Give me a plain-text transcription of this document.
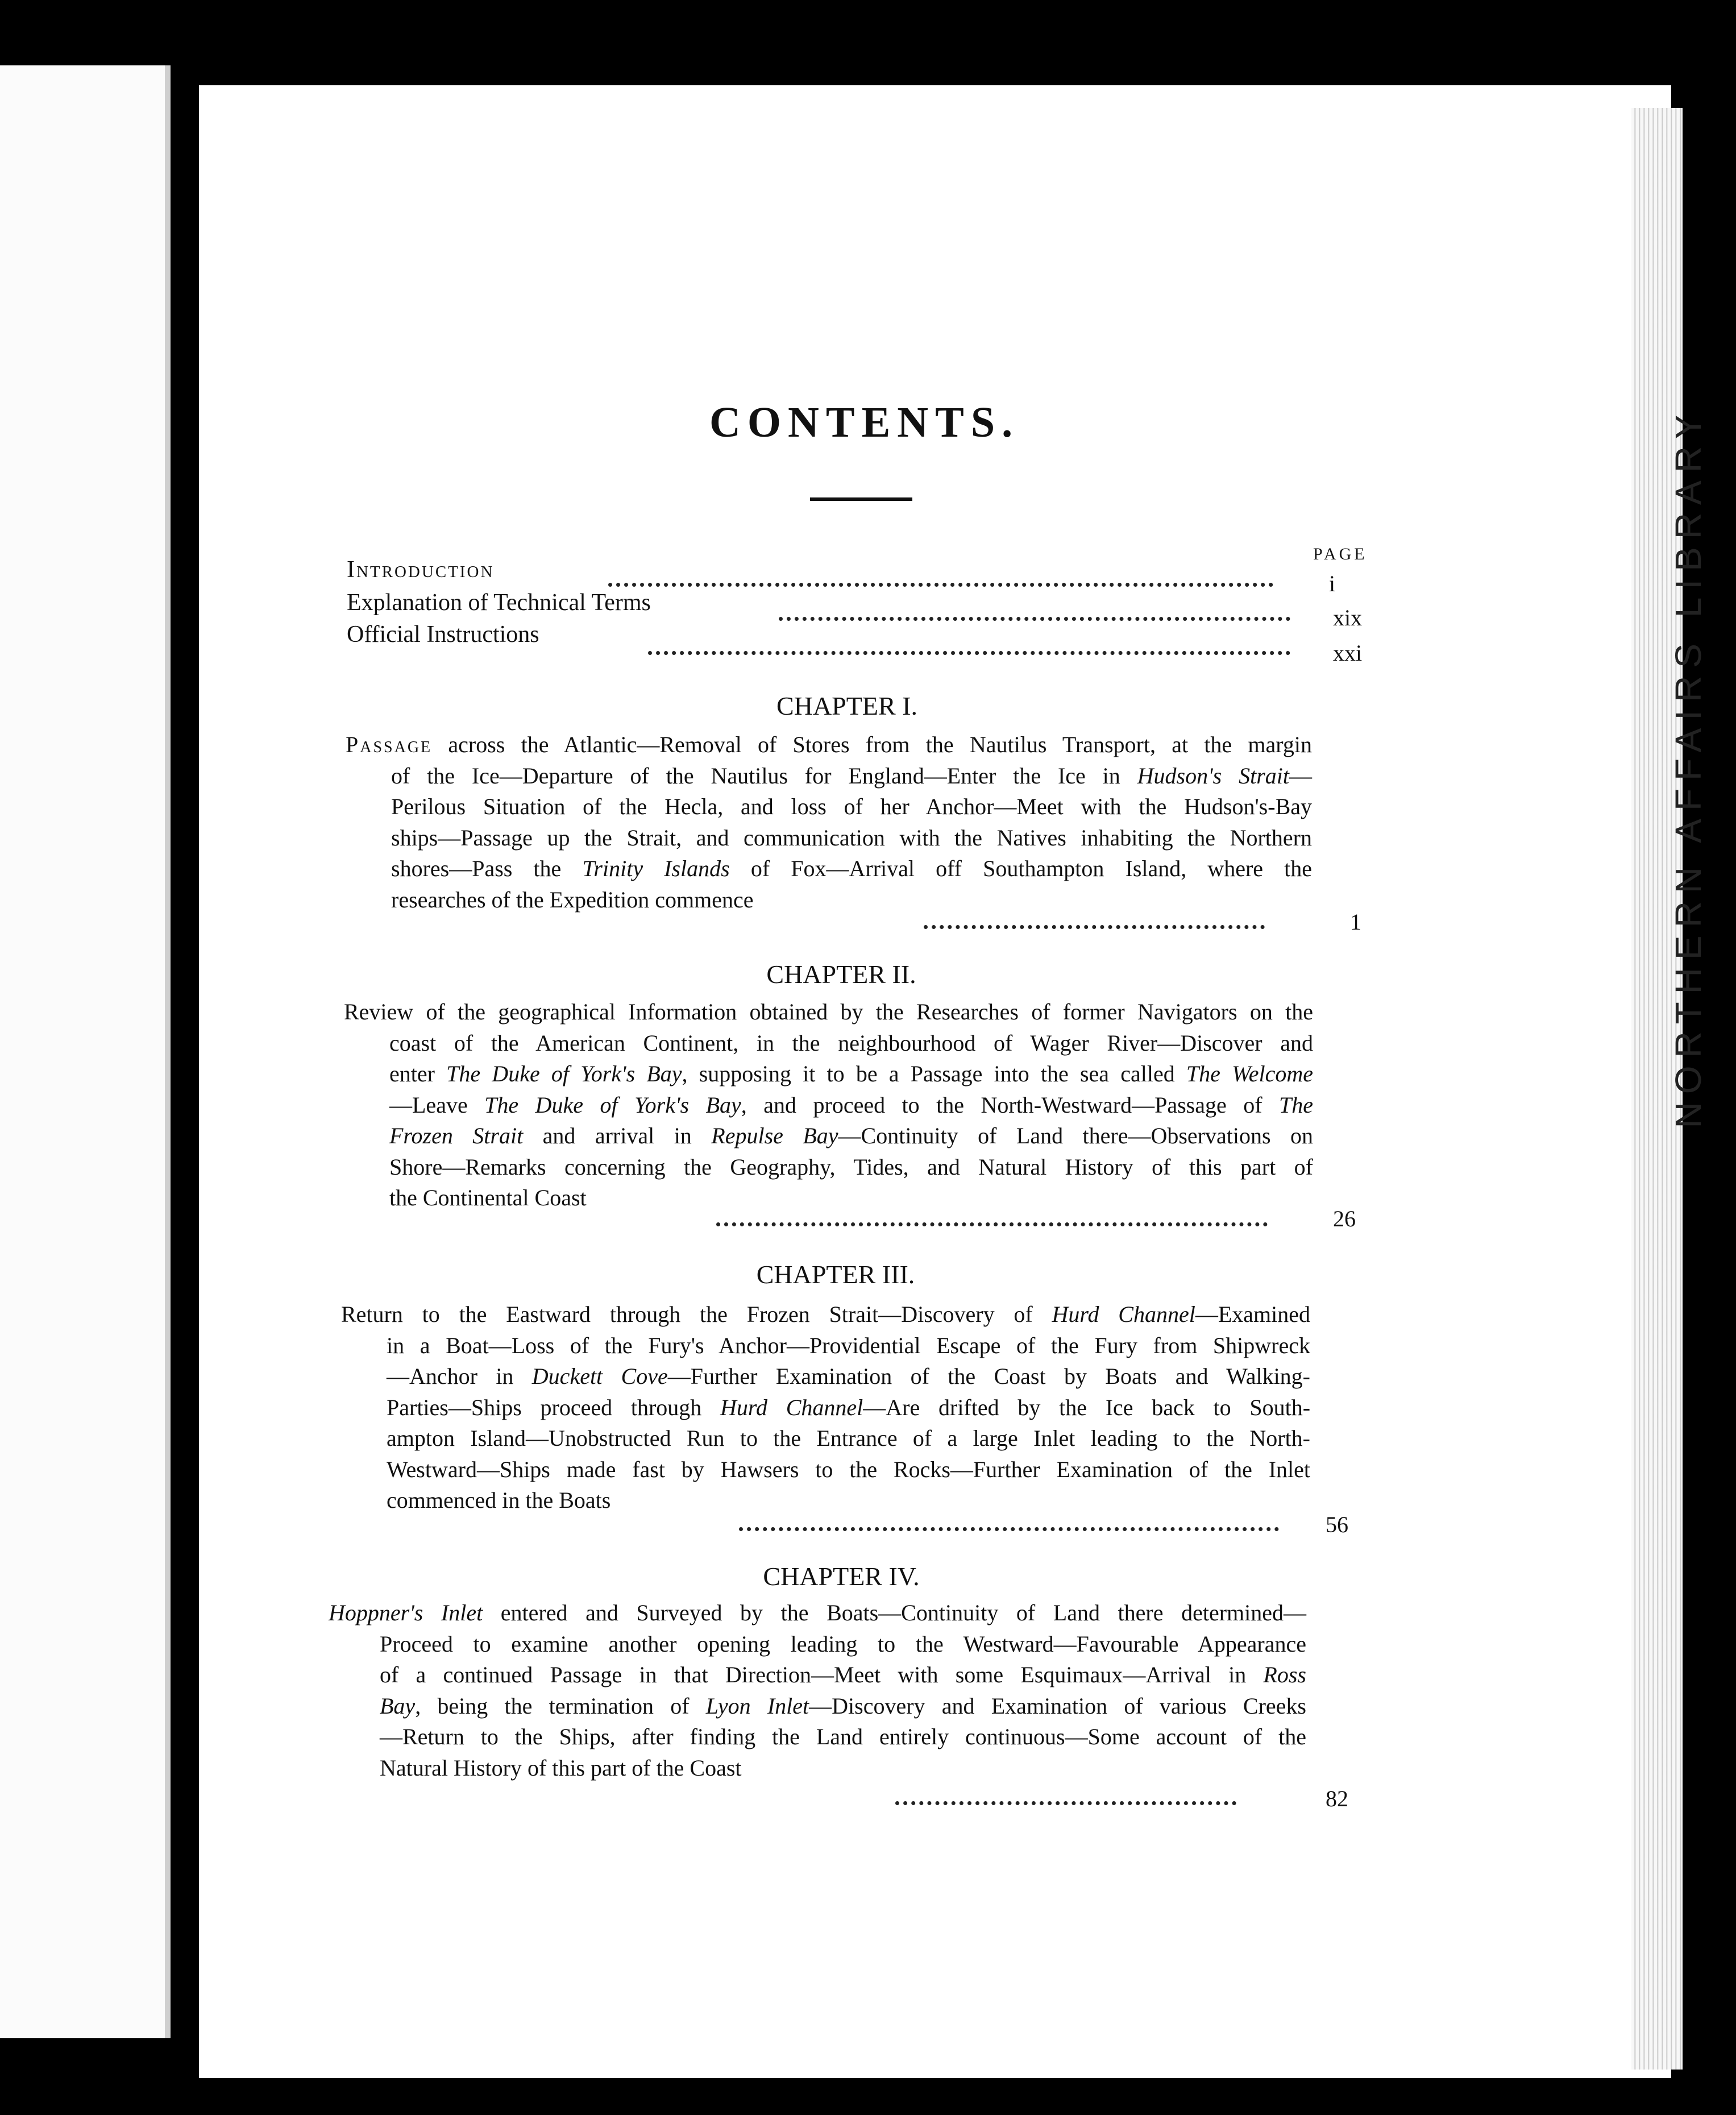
NORTHERN AFFAIRS LIBRARY
CONTENTS.
PAGE
Introduction
i
Explanation of Technical Terms
xix
Official Instructions
xxi
CHAPTER I.
Passage across the Atlantic—Removal of Stores from the Nautilus Transport, at the margin
of the Ice—Departure of the Nautilus for England—Enter the Ice in Hudson's Strait—
Perilous Situation of the Hecla, and loss of her Anchor—Meet with the Hudson's-Bay
ships—Passage up the Strait, and communication with the Natives inhabiting the Northern
shores—Pass the Trinity Islands of Fox—Arrival off Southampton Island, where the
researches of the Expedition commence
1
CHAPTER II.
Review of the geographical Information obtained by the Researches of former Navigators on the
coast of the American Continent, in the neighbourhood of Wager River—Discover and
enter The Duke of York's Bay, supposing it to be a Passage into the sea called The Welcome
—Leave The Duke of York's Bay, and proceed to the North-Westward—Passage of The
Frozen Strait and arrival in Repulse Bay—Continuity of Land there—Observations on
Shore—Remarks concerning the Geography, Tides, and Natural History of this part of
the Continental Coast
26
CHAPTER III.
Return to the Eastward through the Frozen Strait—Discovery of Hurd Channel—Examined
in a Boat—Loss of the Fury's Anchor—Providential Escape of the Fury from Shipwreck
—Anchor in Duckett Cove—Further Examination of the Coast by Boats and Walking-
Parties—Ships proceed through Hurd Channel—Are drifted by the Ice back to South-
ampton Island—Unobstructed Run to the Entrance of a large Inlet leading to the North-
Westward—Ships made fast by Hawsers to the Rocks—Further Examination of the Inlet
commenced in the Boats
56
CHAPTER IV.
Hoppner's Inlet entered and Surveyed by the Boats—Continuity of Land there determined—
Proceed to examine another opening leading to the Westward—Favourable Appearance
of a continued Passage in that Direction—Meet with some Esquimaux—Arrival in Ross
Bay, being the termination of Lyon Inlet—Discovery and Examination of various Creeks
—Return to the Ships, after finding the Land entirely continuous—Some account of the
Natural History of this part of the Coast
82
